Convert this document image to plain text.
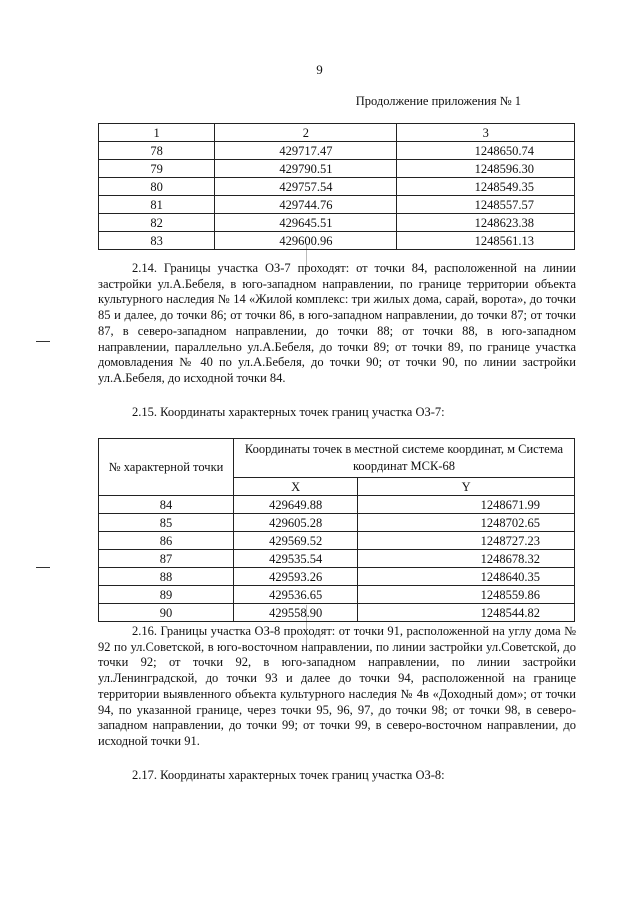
9
Продолжение приложения № 1
1	2	3
78	429717.47	1248650.74
79	429790.51	1248596.30
80	429757.54	1248549.35
81	429744.76	1248557.57
82	429645.51	1248623.38
83	429600.96	1248561.13

2.14. Границы участка ОЗ-7 проходят: от точки 84, расположенной на линии застройки ул.А.Бебеля, в юго-западном направлении, по границе территории объекта культурного наследия № 14 «Жилой комплекс: три жилых дома, сарай, ворота», до точки 85 и далее, до точки 86; от точки 86, в юго-западном направлении, до точки 87; от точки 87, в северо-западном направлении, до точки 88; от точки 88, в юго-западном направлении, параллельно ул.А.Бебеля, до точки 89; от точки 89, по границе участка домовладения № 40 по ул.А.Бебеля, до точки 90; от точки 90, по линии застройки ул.А.Бебеля, до исходной точки 84.

2.15. Координаты характерных точек границ участка ОЗ-7:

№ характерной точки	Координаты точек в местной системе координат, м Система координат МСК-68	
	X	Y
84	429649.88	1248671.99
85	429605.28	1248702.65
86	429569.52	1248727.23
87	429535.54	1248678.32
88	429593.26	1248640.35
89	429536.65	1248559.86
90	429558.90	1248544.82

2.16. Границы участка ОЗ-8 проходят: от точки 91, расположенной на углу дома № 92 по ул.Советской, в юго-восточном направлении, по линии застройки ул.Советской, до точки 92; от точки 92, в юго-западном направлении, по линии застройки ул.Ленинградской, до точки 93 и далее до точки 94, расположенной на границе территории выявленного объекта культурного наследия № 4в «Доходный дом»; от точки 94, по указанной границе, через точки 95, 96, 97, до точки 98; от точки 98, в северо-западном направлении, до точки 99; от точки 99, в северо-восточном направлении, до исходной точки 91.

2.17. Координаты характерных точек границ участка ОЗ-8:
